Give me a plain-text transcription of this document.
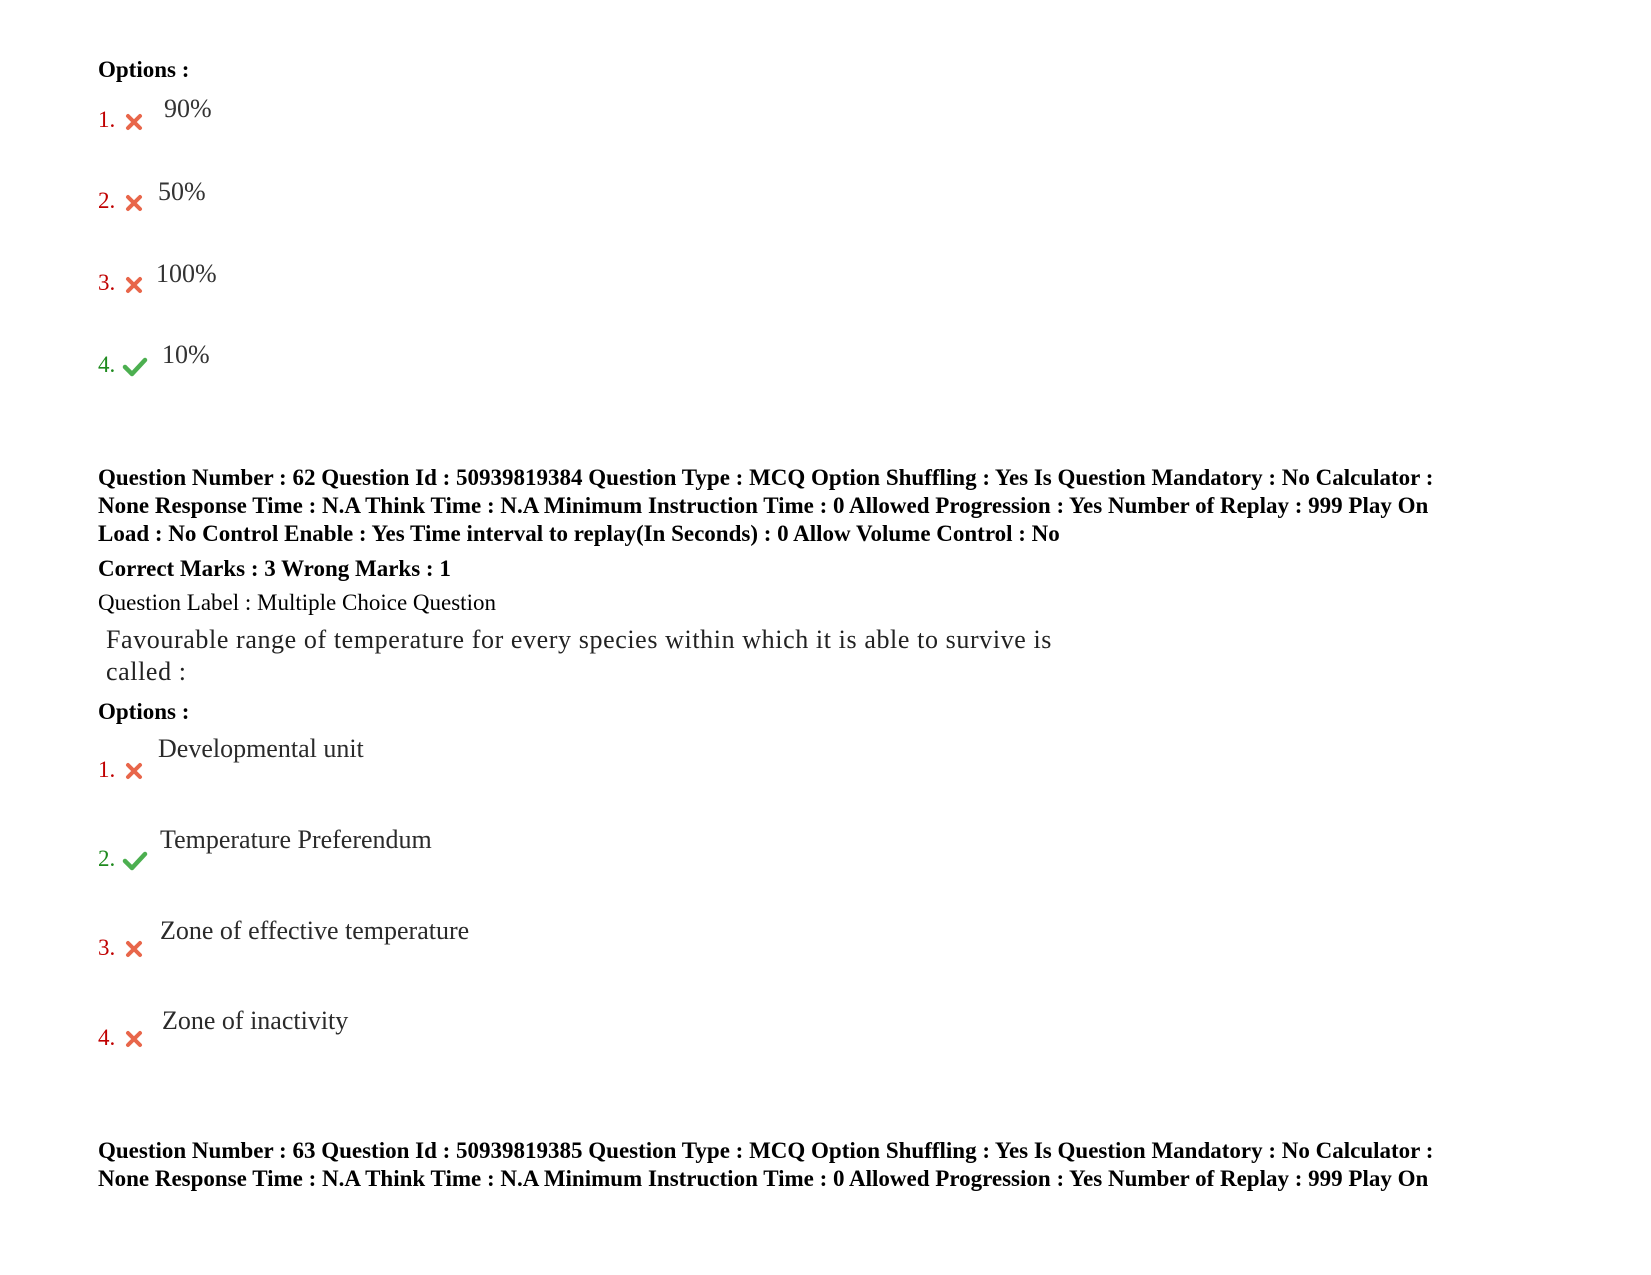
Options :
1. 90%
2. 50%
3. 100%
4. 10%
Question Number : 62 Question Id : 50939819384 Question Type : MCQ Option Shuffling : Yes Is Question Mandatory : No Calculator :
None Response Time : N.A Think Time : N.A Minimum Instruction Time : 0 Allowed Progression : Yes Number of Replay : 999 Play On
Load : No Control Enable : Yes Time interval to replay(In Seconds) : 0 Allow Volume Control : No
Correct Marks : 3 Wrong Marks : 1
Question Label : Multiple Choice Question
Favourable range of temperature for every species within which it is able to survive is
called :
Options :
1.
Developmental unit
2.
Temperature Preferendum
3.
Zone of effective temperature
4.
Zone of inactivity
Question Number : 63 Question Id : 50939819385 Question Type : MCQ Option Shuffling : Yes Is Question Mandatory : No Calculator :
None Response Time : N.A Think Time : N.A Minimum Instruction Time : 0 Allowed Progression : Yes Number of Replay : 999 Play On
